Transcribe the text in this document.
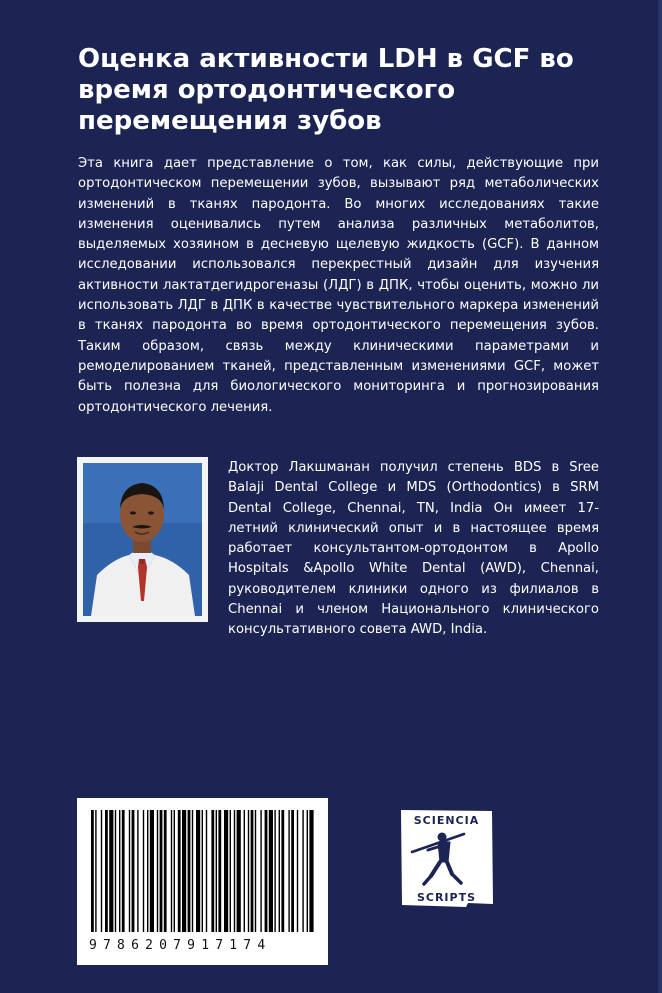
Оценка активности LDH в GCF во время ортодонтического перемещения зубов

Эта книга дает представление о том, как силы, действующие при ортодонтическом перемещении зубов, вызывают ряд метаболических изменений в тканях пародонта. Во многих исследованиях такие изменения оценивались путем анализа различных метаболитов, выделяемых хозяином в десневую щелевую жидкость (GCF). В данном исследовании использовался перекрестный дизайн для изучения активности лактатдегидрогеназы (ЛДГ) в ДПК, чтобы оценить, можно ли использовать ЛДГ в ДПК в качестве чувствительного маркера изменений в тканях пародонта во время ортодонтического перемещения зубов. Таким образом, связь между клиническими параметрами и ремоделированием тканей, представленным изменениями GCF, может быть полезна для биологического мониторинга и прогнозирования ортодонтического лечения.

Доктор Лакшманан получил степень BDS в Sree Balaji Dental College и MDS (Orthodontics) в SRM Dental College, Chennai, TN, India Он имеет 17-летний клинический опыт и в настоящее время работает консультантом-ортодонтом в Apollo Hospitals &Apollo White Dental (AWD), Chennai, руководителем клиники одного из филиалов в Chennai и членом Национального клинического консультативного совета AWD, India.

9786207917174
SCIENCIA
SCRIPTS
